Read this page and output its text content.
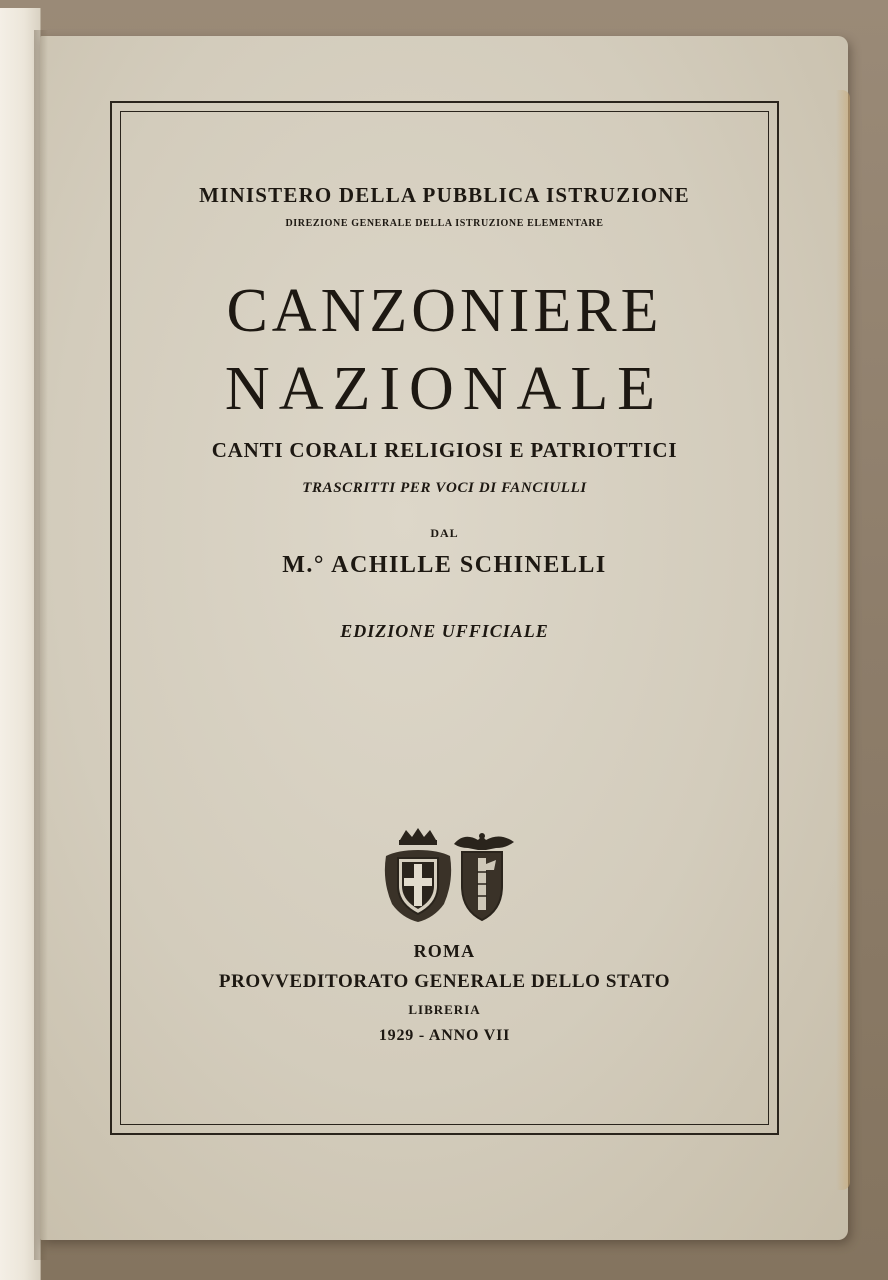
MINISTERO DELLA PUBBLICA ISTRUZIONE

DIREZIONE GENERALE DELLA ISTRUZIONE ELEMENTARE

CANZONIERE

NAZIONALE

CANTI CORALI RELIGIOSI E PATRIOTTICI

TRASCRITTI PER VOCI DI FANCIULLI

DAL

M.° ACHILLE SCHINELLI

EDIZIONE UFFICIALE

ROMA

PROVVEDITORATO GENERALE DELLO STATO

LIBRERIA

1929 - ANNO VII
